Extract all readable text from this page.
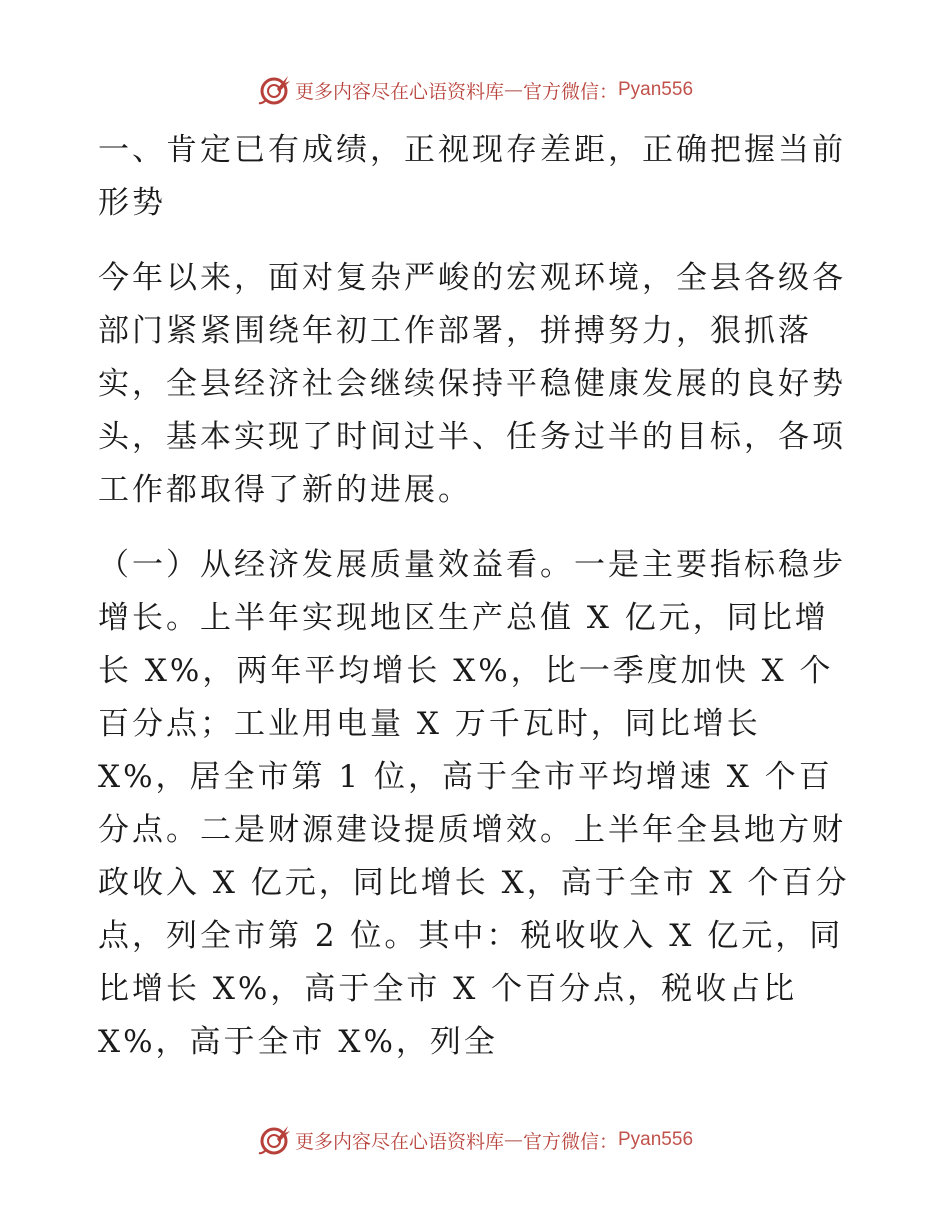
更多内容尽在心语资料库 — 官方微信： Pyan556

一、肯定已有成绩，正视现存差距，正确把握当前形势

今年以来，面对复杂严峻的宏观环境，全县各级各部门紧紧围绕年初工作部署，拼搏努力，狠抓落实，全县经济社会继续保持平稳健康发展的良好势头，基本实现了时间过半、任务过半的目标，各项工作都取得了新的进展。

（一）从经济发展质量效益看。一是主要指标稳步增长。上半年实现地区生产总值 X 亿元，同比增长 X%，两年平均增长 X%，比一季度加快 X 个百分点；工业用电量 X 万千瓦时，同比增长 X%，居全市第 1 位，高于全市平均增速 X 个百分点。二是财源建设提质增效。上半年全县地方财政收入 X 亿元，同比增长 X，高于全市 X 个百分点，列全市第 2 位。其中：税收收入 X 亿元，同比增长 X%，高于全市 X 个百分点，税收占比 X%，高于全市 X%，列全

更多内容尽在心语资料库 — 官方微信： Pyan556
